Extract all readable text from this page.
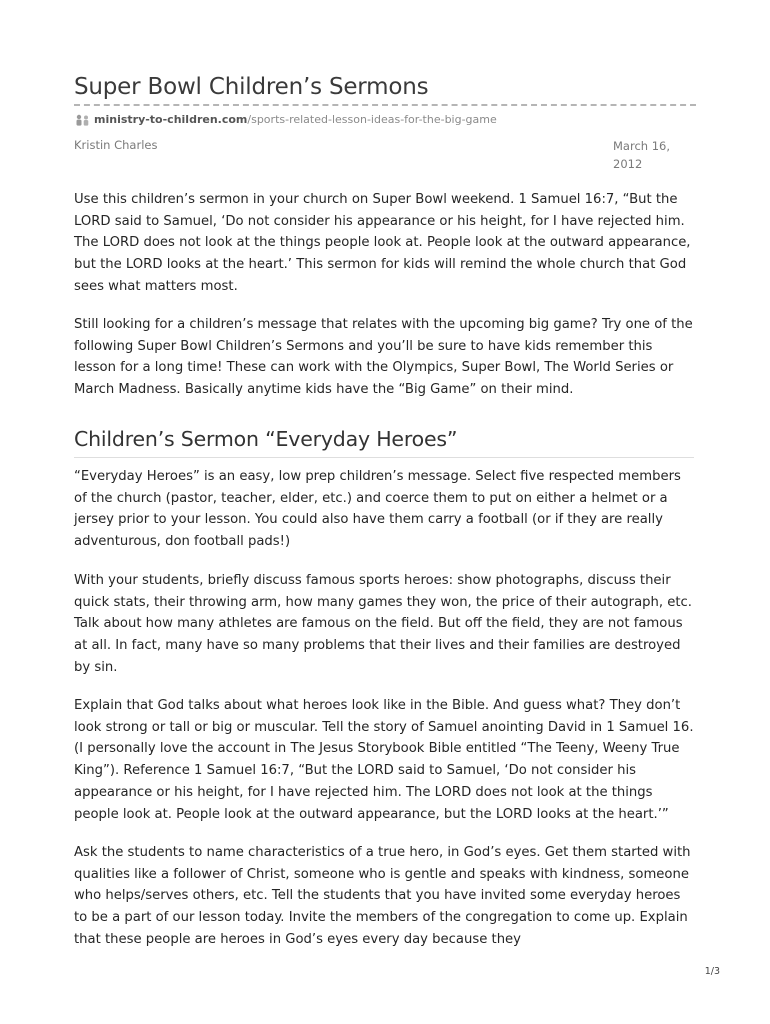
Super Bowl Children’s Sermons
ministry-to-children.com /sports-related-lesson-ideas-for-the-big-game
Kristin Charles	March 16, 2012

Use this children’s sermon in your church on Super Bowl weekend. 1 Samuel 16:7, “But the LORD said to Samuel, ‘Do not consider his appearance or his height, for I have rejected him. The LORD does not look at the things people look at. People look at the outward appearance, but the LORD looks at the heart.’ This sermon for kids will remind the whole church that God sees what matters most.

Still looking for a children’s message that relates with the upcoming big game? Try one of the following Super Bowl Children’s Sermons and you’ll be sure to have kids remember this lesson for a long time! These can work with the Olympics, Super Bowl, The World Series or March Madness. Basically anytime kids have the “Big Game” on their mind.

Children’s Sermon “Everyday Heroes”

“Everyday Heroes” is an easy, low prep children’s message. Select five respected members of the church (pastor, teacher, elder, etc.) and coerce them to put on either a helmet or a jersey prior to your lesson. You could also have them carry a football (or if they are really adventurous, don football pads!)

With your students, briefly discuss famous sports heroes: show photographs, discuss their quick stats, their throwing arm, how many games they won, the price of their autograph, etc. Talk about how many athletes are famous on the field. But off the field, they are not famous at all. In fact, many have so many problems that their lives and their families are destroyed by sin.

Explain that God talks about what heroes look like in the Bible. And guess what? They don’t look strong or tall or big or muscular. Tell the story of Samuel anointing David in 1 Samuel 16. (I personally love the account in The Jesus Storybook Bible entitled “The Teeny, Weeny True King”). Reference 1 Samuel 16:7, “But the LORD said to Samuel, ‘Do not consider his appearance or his height, for I have rejected him. The LORD does not look at the things people look at. People look at the outward appearance, but the LORD looks at the heart.’”

Ask the students to name characteristics of a true hero, in God’s eyes. Get them started with qualities like a follower of Christ, someone who is gentle and speaks with kindness, someone who helps/serves others, etc. Tell the students that you have invited some everyday heroes to be a part of our lesson today. Invite the members of the congregation to come up. Explain that these people are heroes in God’s eyes every day because they

1/3
